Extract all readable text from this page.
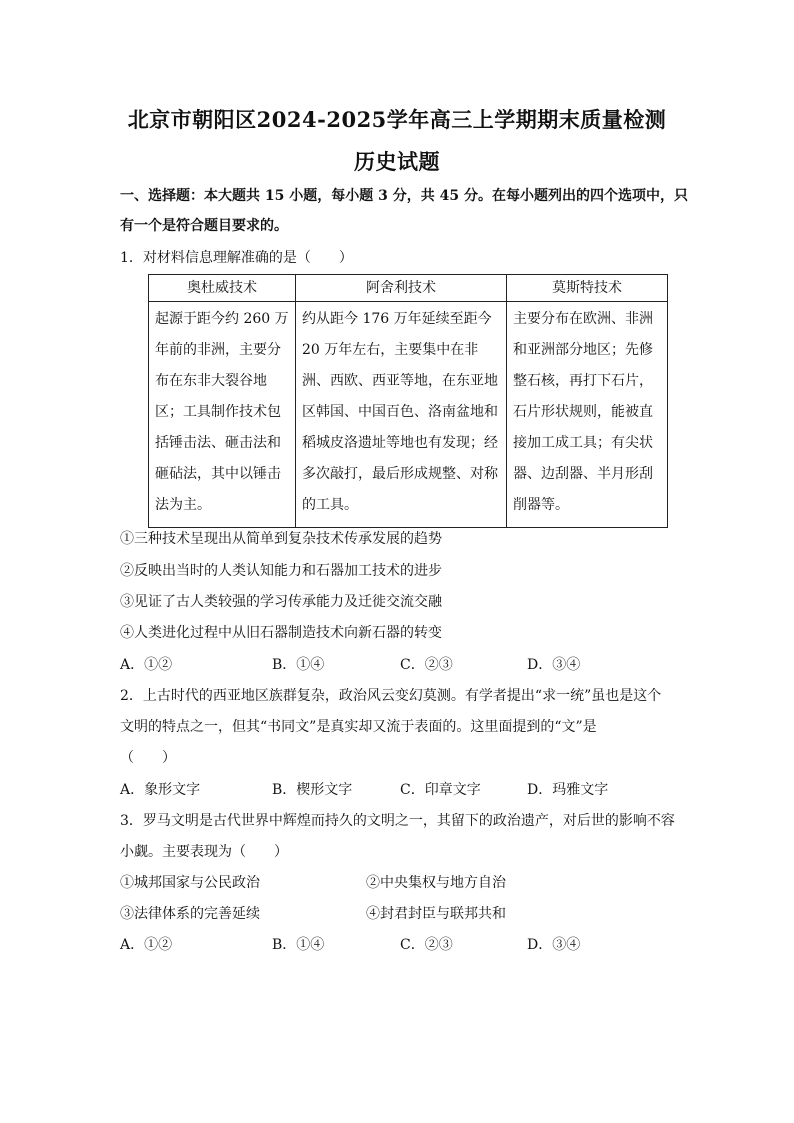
北京市朝阳区2024-2025学年高三上学期期末质量检测
历史试题
一、选择题：本大题共 15 小题，每小题 3 分，共 45 分。在每小题列出的四个选项中，只
有一个是符合题目要求的。
1．对材料信息理解准确的是（　　）
奥杜威技术	阿舍利技术	莫斯特技术
起源于距今约 260 万年前的非洲，主要分布在东非大裂谷地区；工具制作技术包括锤击法、砸击法和砸砧法，其中以锤击法为主。	约从距今 176 万年延续至距今 20 万年左右，主要集中在非洲、西欧、西亚等地，在东亚地区韩国、中国百色、洛南盆地和稻城皮洛遗址等地也有发现；经多次敲打，最后形成规整、对称的工具。	主要分布在欧洲、非洲和亚洲部分地区；先修整石核，再打下石片，石片形状规则，能被直接加工成工具；有尖状器、边刮器、半月形刮削器等。
①三种技术呈现出从简单到复杂技术传承发展的趋势
②反映出当时的人类认知能力和石器加工技术的进步
③见证了古人类较强的学习传承能力及迁徙交流交融
④人类进化过程中从旧石器制造技术向新石器的转变
A．①②	B．①④	C．②③	D．③④
2．上古时代的西亚地区族群复杂，政治风云变幻莫测。有学者提出“求一统”虽也是这个
文明的特点之一，但其“书同文”是真实却又流于表面的。这里面提到的“文”是
（　　）
A．象形文字	B．楔形文字	C．印章文字	D．玛雅文字
3．罗马文明是古代世界中辉煌而持久的文明之一，其留下的政治遗产，对后世的影响不容
小觑。主要表现为（　　）
①城邦国家与公民政治	②中央集权与地方自治
③法律体系的完善延续	④封君封臣与联邦共和
A．①②	B．①④	C．②③	D．③④
